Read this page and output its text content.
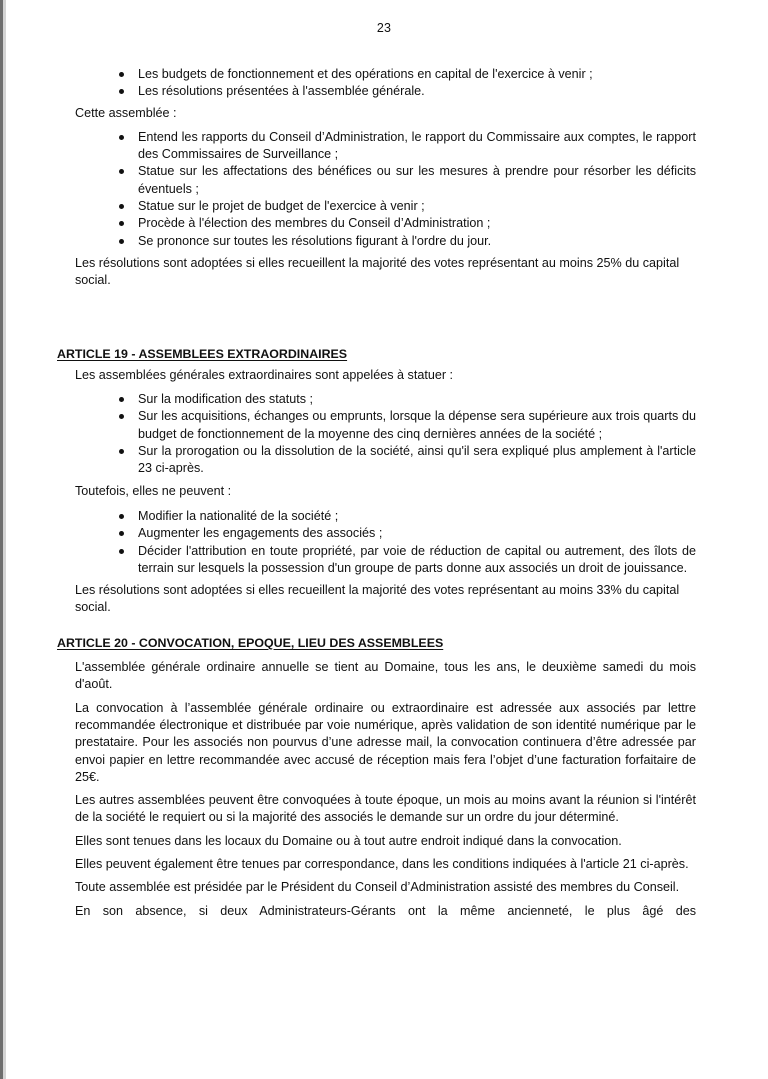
23
Les budgets de fonctionnement et des opérations en capital de l'exercice à venir ;
Les résolutions présentées à l'assemblée générale.

Cette assemblée :

Entend les rapports du Conseil d’Administration, le rapport du Commissaire aux comptes, le rapport des Commissaires de Surveillance ;
Statue sur les affectations des bénéfices ou sur les mesures à prendre pour résorber les déficits éventuels ;
Statue sur le projet de budget de l'exercice à venir ;
Procède à l'élection des membres du Conseil d’Administration ;
Se prononce sur toutes les résolutions figurant à l'ordre du jour.

Les résolutions sont adoptées si elles recueillent la majorité des votes représentant au moins 25% du capital social.

ARTICLE 19 - ASSEMBLEES EXTRAORDINAIRES

Les assemblées générales extraordinaires sont appelées à statuer :

Sur la modification des statuts ;
Sur les acquisitions, échanges ou emprunts, lorsque la dépense sera supérieure aux trois quarts du budget de fonctionnement de la moyenne des cinq dernières années de la société ;
Sur la prorogation ou la dissolution de la société, ainsi qu'il sera expliqué plus amplement à l'article 23 ci-après.

Toutefois, elles ne peuvent :

Modifier la nationalité de la société ;
Augmenter les engagements des associés ;
Décider l'attribution en toute propriété, par voie de réduction de capital ou autrement, des îlots de terrain sur lesquels la possession d'un groupe de parts donne aux associés un droit de jouissance.

Les résolutions sont adoptées si elles recueillent la majorité des votes représentant au moins 33% du capital social.

ARTICLE 20 - CONVOCATION, EPOQUE, LIEU DES ASSEMBLEES

L'assemblée générale ordinaire annuelle se tient au Domaine, tous les ans, le deuxième samedi du mois d'août.

La convocation à l’assemblée générale ordinaire ou extraordinaire est adressée aux associés par lettre recommandée électronique et distribuée par voie numérique, après validation de son identité numérique par le prestataire. Pour les associés non pourvus d’une adresse mail, la convocation continuera d’être adressée par envoi papier en lettre recommandée avec accusé de réception mais fera l’objet d’une facturation forfaitaire de 25€.

Les autres assemblées peuvent être convoquées à toute époque, un mois au moins avant la réunion si l'intérêt de la société le requiert ou si la majorité des associés le demande sur un ordre du jour déterminé.

Elles sont tenues dans les locaux du Domaine ou à tout autre endroit indiqué dans la convocation.

Elles peuvent également être tenues par correspondance, dans les conditions indiquées à l'article 21 ci-après.

Toute assemblée est présidée par le Président du Conseil d’Administration assisté des membres du Conseil.

En son absence, si deux Administrateurs-Gérants ont la même ancienneté, le plus âgé des
